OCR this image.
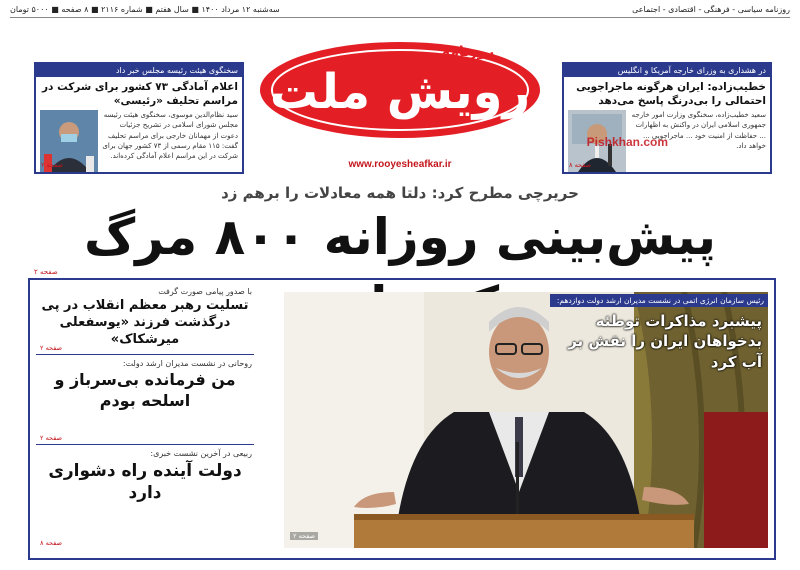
روزنامه سیاسی - فرهنگی - اقتصادی - اجتماعی
سه‌شنبه ۱۲ مرداد ۱۴۰۰ ■ سال هفتم ■ شماره ۲۱۱۶ ■ ۸ صفحه ■ ۵۰۰۰ تومان
رویش ملت
روزنامه
www.rooyesheafkar.ir
در هشداری به وزرای خارجه آمریکا و انگلیس
خطیب‌زاده: ایران هرگونه ماجراجویی احتمالی را بی‌درنگ پاسخ می‌دهد
سعید خطیب‌زاده، سخنگوی وزارت امور خارجه جمهوری اسلامی ایران در واکنش به اظهارات ... حفاظت از امنیت خود ... ماجراجویی ... خواهد داد.
صفحه ۸
سخنگوی هیئت رئیسه مجلس خبر داد
اعلام آمادگی ۷۳ کشور برای شرکت در مراسم تحلیف «رئیسی»
سید نظام‌الدین موسوی، سخنگوی هیئت رئیسه مجلس شورای اسلامی در تشریح جزئیات دعوت از مهمانان خارجی برای مراسم تحلیف گفت: ۱۱۵ مقام رسمی از ۷۳ کشور جهان برای شرکت در این مراسم اعلام آمادگی کرده‌اند.
صفحه ۲
Pishkhan.com
حریرچی مطرح کرد: دلتا همه معادلات را برهم زد
پیش‌بینی روزانه ۸۰۰ مرگ
صفحه ۲
با صدور پیامی صورت گرفت
تسلیت رهبر معظم انقلاب در پی درگذشت فرزند «یوسفعلی میرشکاک»
صفحه ۲
روحانی در نشست مدیران ارشد دولت:
من فرمانده بی‌سرباز و اسلحه بودم
صفحه ۲
ربیعی در آخرین نشست خبری:
دولت آینده راه دشواری دارد
صفحه ۸
رئیس سازمان انرژی اتمی در نشست مدیران ارشد دولت دوازدهم:
پیشبرد مذاکرات توطئه بدخواهان ایران را نقش بر آب کرد
صفحه ۲
